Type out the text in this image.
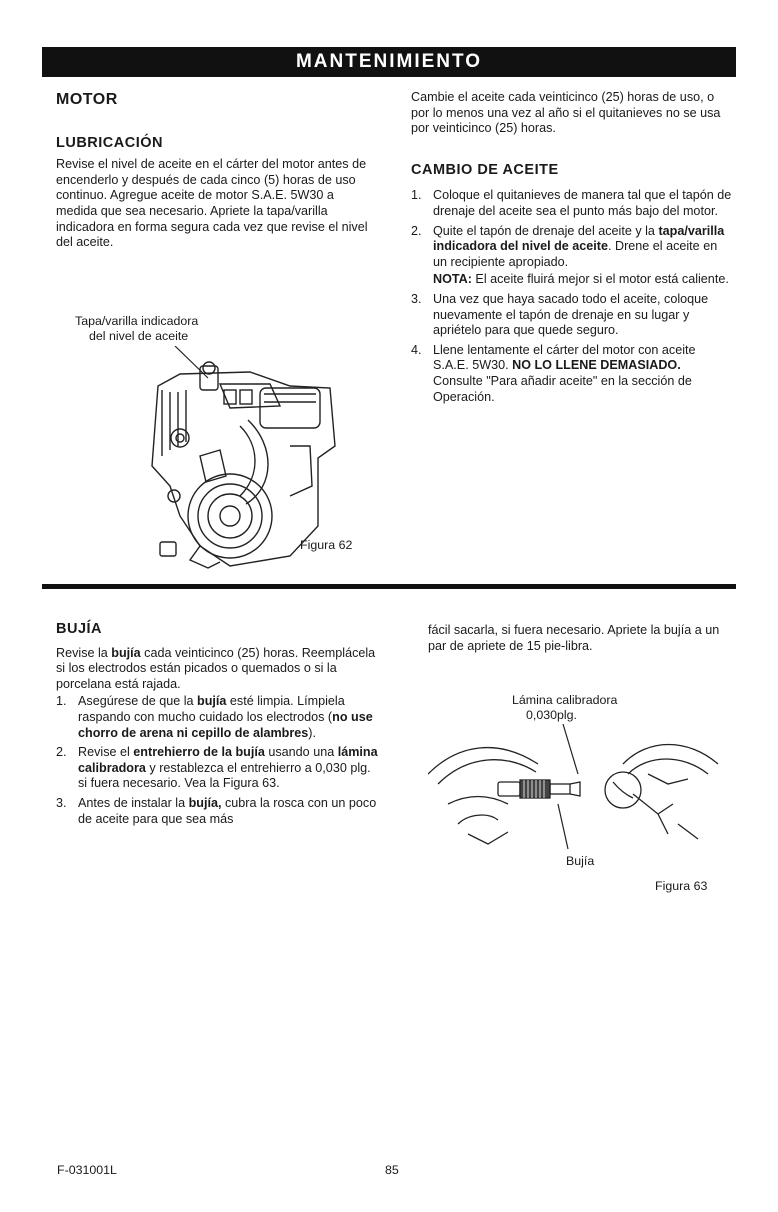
MANTENIMIENTO
MOTOR
LUBRICACIÓN

Revise el nivel de aceite en el cárter del motor antes de encenderlo y después de cada cinco (5) horas de uso continuo. Agregue aceite de motor S.A.E. 5W30 a medida que sea necesario. Apriete la tapa/varilla indicadora en forma segura cada vez que revise el nivel del aceite.

Tapa/varilla indicadora
del nivel de aceite
Figura 62

Cambie el aceite cada veinticinco (25) horas de uso, o por lo menos una vez al año si el quitanieves no se usa por veinticinco (25) horas.

CAMBIO DE ACEITE
1. Coloque el quitanieves de manera tal que el tapón de drenaje del aceite sea el punto más bajo del motor.
2. Quite el tapón de drenaje del aceite y la tapa/varilla indicadora del nivel de aceite. Drene el aceite en un recipiente apropiado.
NOTA: El aceite fluirá mejor si el motor está caliente.
3. Una vez que haya sacado todo el aceite, coloque nuevamente el tapón de drenaje en su lugar y apriételo para que quede seguro.
4. Llene lentamente el cárter del motor con aceite S.A.E. 5W30. NO LO LLENE DEMASIADO. Consulte "Para añadir aceite" en la sección de Operación.
BUJÍA

Revise la bujía cada veinticinco (25) horas. Reemplácela si los electrodos están picados o quemados o si la porcelana está rajada.

1. Asegúrese de que la bujía esté limpia. Límpiela raspando con mucho cuidado los electrodos (no use chorro de arena ni cepillo de alambres).
2. Revise el entrehierro de la bujía usando una lámina calibradora y restablezca el entrehierro a 0,030 plg. si fuera necesario. Vea la Figura 63.
3. Antes de instalar la bujía, cubra la rosca con un poco de aceite para que sea más

fácil sacarla, si fuera necesario. Apriete la bujía a un par de apriete de 15 pie-libra.

Lámina calibradora
0,030plg.
Bujía
Figura 63
F-031001L	85
